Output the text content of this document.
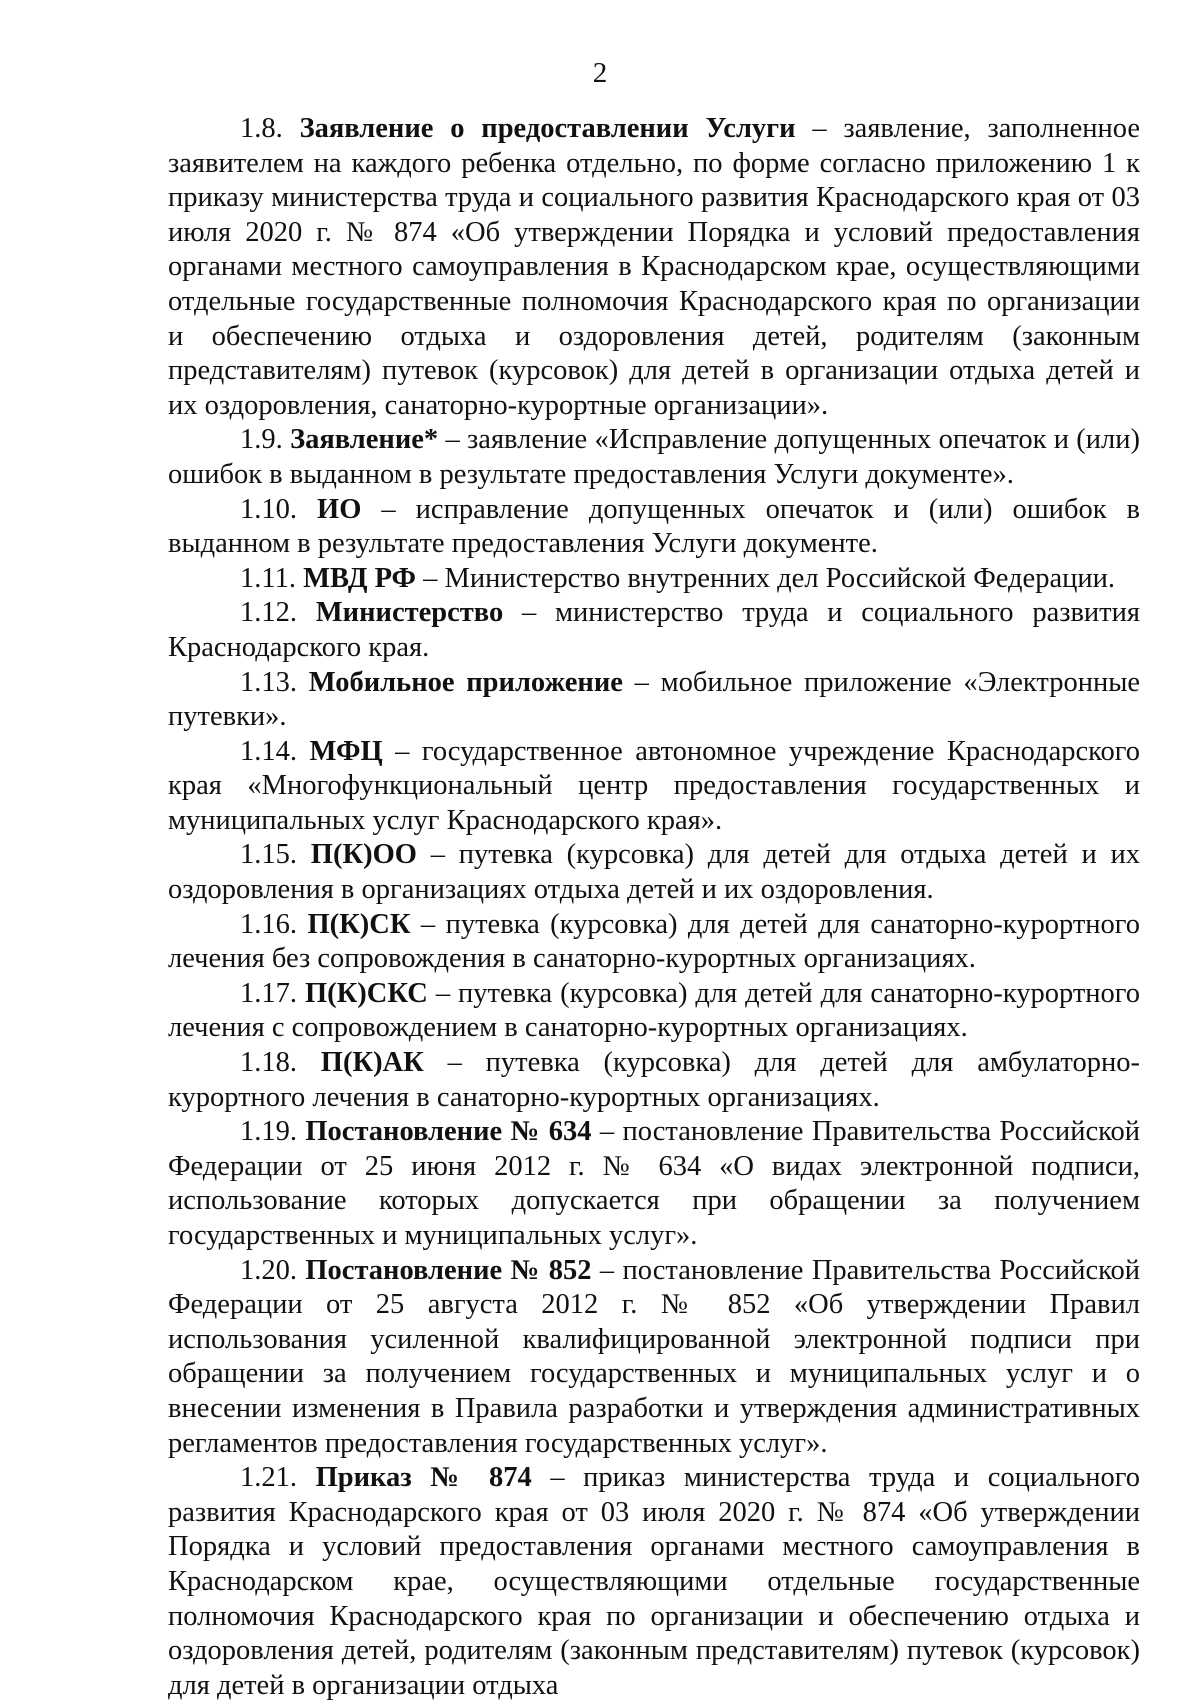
2

1.8. Заявление о предоставлении Услуги – заявление, заполненное заявителем на каждого ребенка отдельно, по форме согласно приложению 1 к приказу министерства труда и социального развития Краснодарского края от 03 июля 2020 г. № 874 «Об утверждении Порядка и условий предоставления органами местного самоуправления в Краснодарском крае, осуществляющими отдельные государственные полномочия Краснодарского края по организации и обеспечению отдыха и оздоровления детей, родителям (законным представителям) путевок (курсовок) для детей в организации отдыха детей и их оздоровления, санаторно-курортные организации».

1.9. Заявление* – заявление «Исправление допущенных опечаток и (или) ошибок в выданном в результате предоставления Услуги документе».

1.10. ИО – исправление допущенных опечаток и (или) ошибок в выданном в результате предоставления Услуги документе.

1.11. МВД РФ – Министерство внутренних дел Российской Федерации.

1.12. Министерство – министерство труда и социального развития Краснодарского края.

1.13. Мобильное приложение – мобильное приложение «Электронные путевки».

1.14. МФЦ – государственное автономное учреждение Краснодарского края «Многофункциональный центр предоставления государственных и муниципальных услуг Краснодарского края».

1.15. П(К)ОО – путевка (курсовка) для детей для отдыха детей и их оздоровления в организациях отдыха детей и их оздоровления.

1.16. П(К)СК – путевка (курсовка) для детей для санаторно-курортного лечения без сопровождения в санаторно-курортных организациях.

1.17. П(К)СКС – путевка (курсовка) для детей для санаторно-курортного лечения с сопровождением в санаторно-курортных организациях.

1.18. П(К)АК – путевка (курсовка) для детей для амбулаторно-курортного лечения в санаторно-курортных организациях.

1.19. Постановление № 634 – постановление Правительства Российской Федерации от 25 июня 2012 г. № 634 «О видах электронной подписи, использование которых допускается при обращении за получением государственных и муниципальных услуг».

1.20. Постановление № 852 – постановление Правительства Российской Федерации от 25 августа 2012 г. № 852 «Об утверждении Правил использования усиленной квалифицированной электронной подписи при обращении за получением государственных и муниципальных услуг и о внесении изменения в Правила разработки и утверждения административных регламентов предоставления государственных услуг».

1.21. Приказ № 874 – приказ министерства труда и социального развития Краснодарского края от 03 июля 2020 г. № 874 «Об утверждении Порядка и условий предоставления органами местного самоуправления в Краснодарском крае, осуществляющими отдельные государственные полномочия Краснодарского края по организации и обеспечению отдыха и оздоровления детей, родителям (законным представителям) путевок (курсовок) для детей в организации отдыха
